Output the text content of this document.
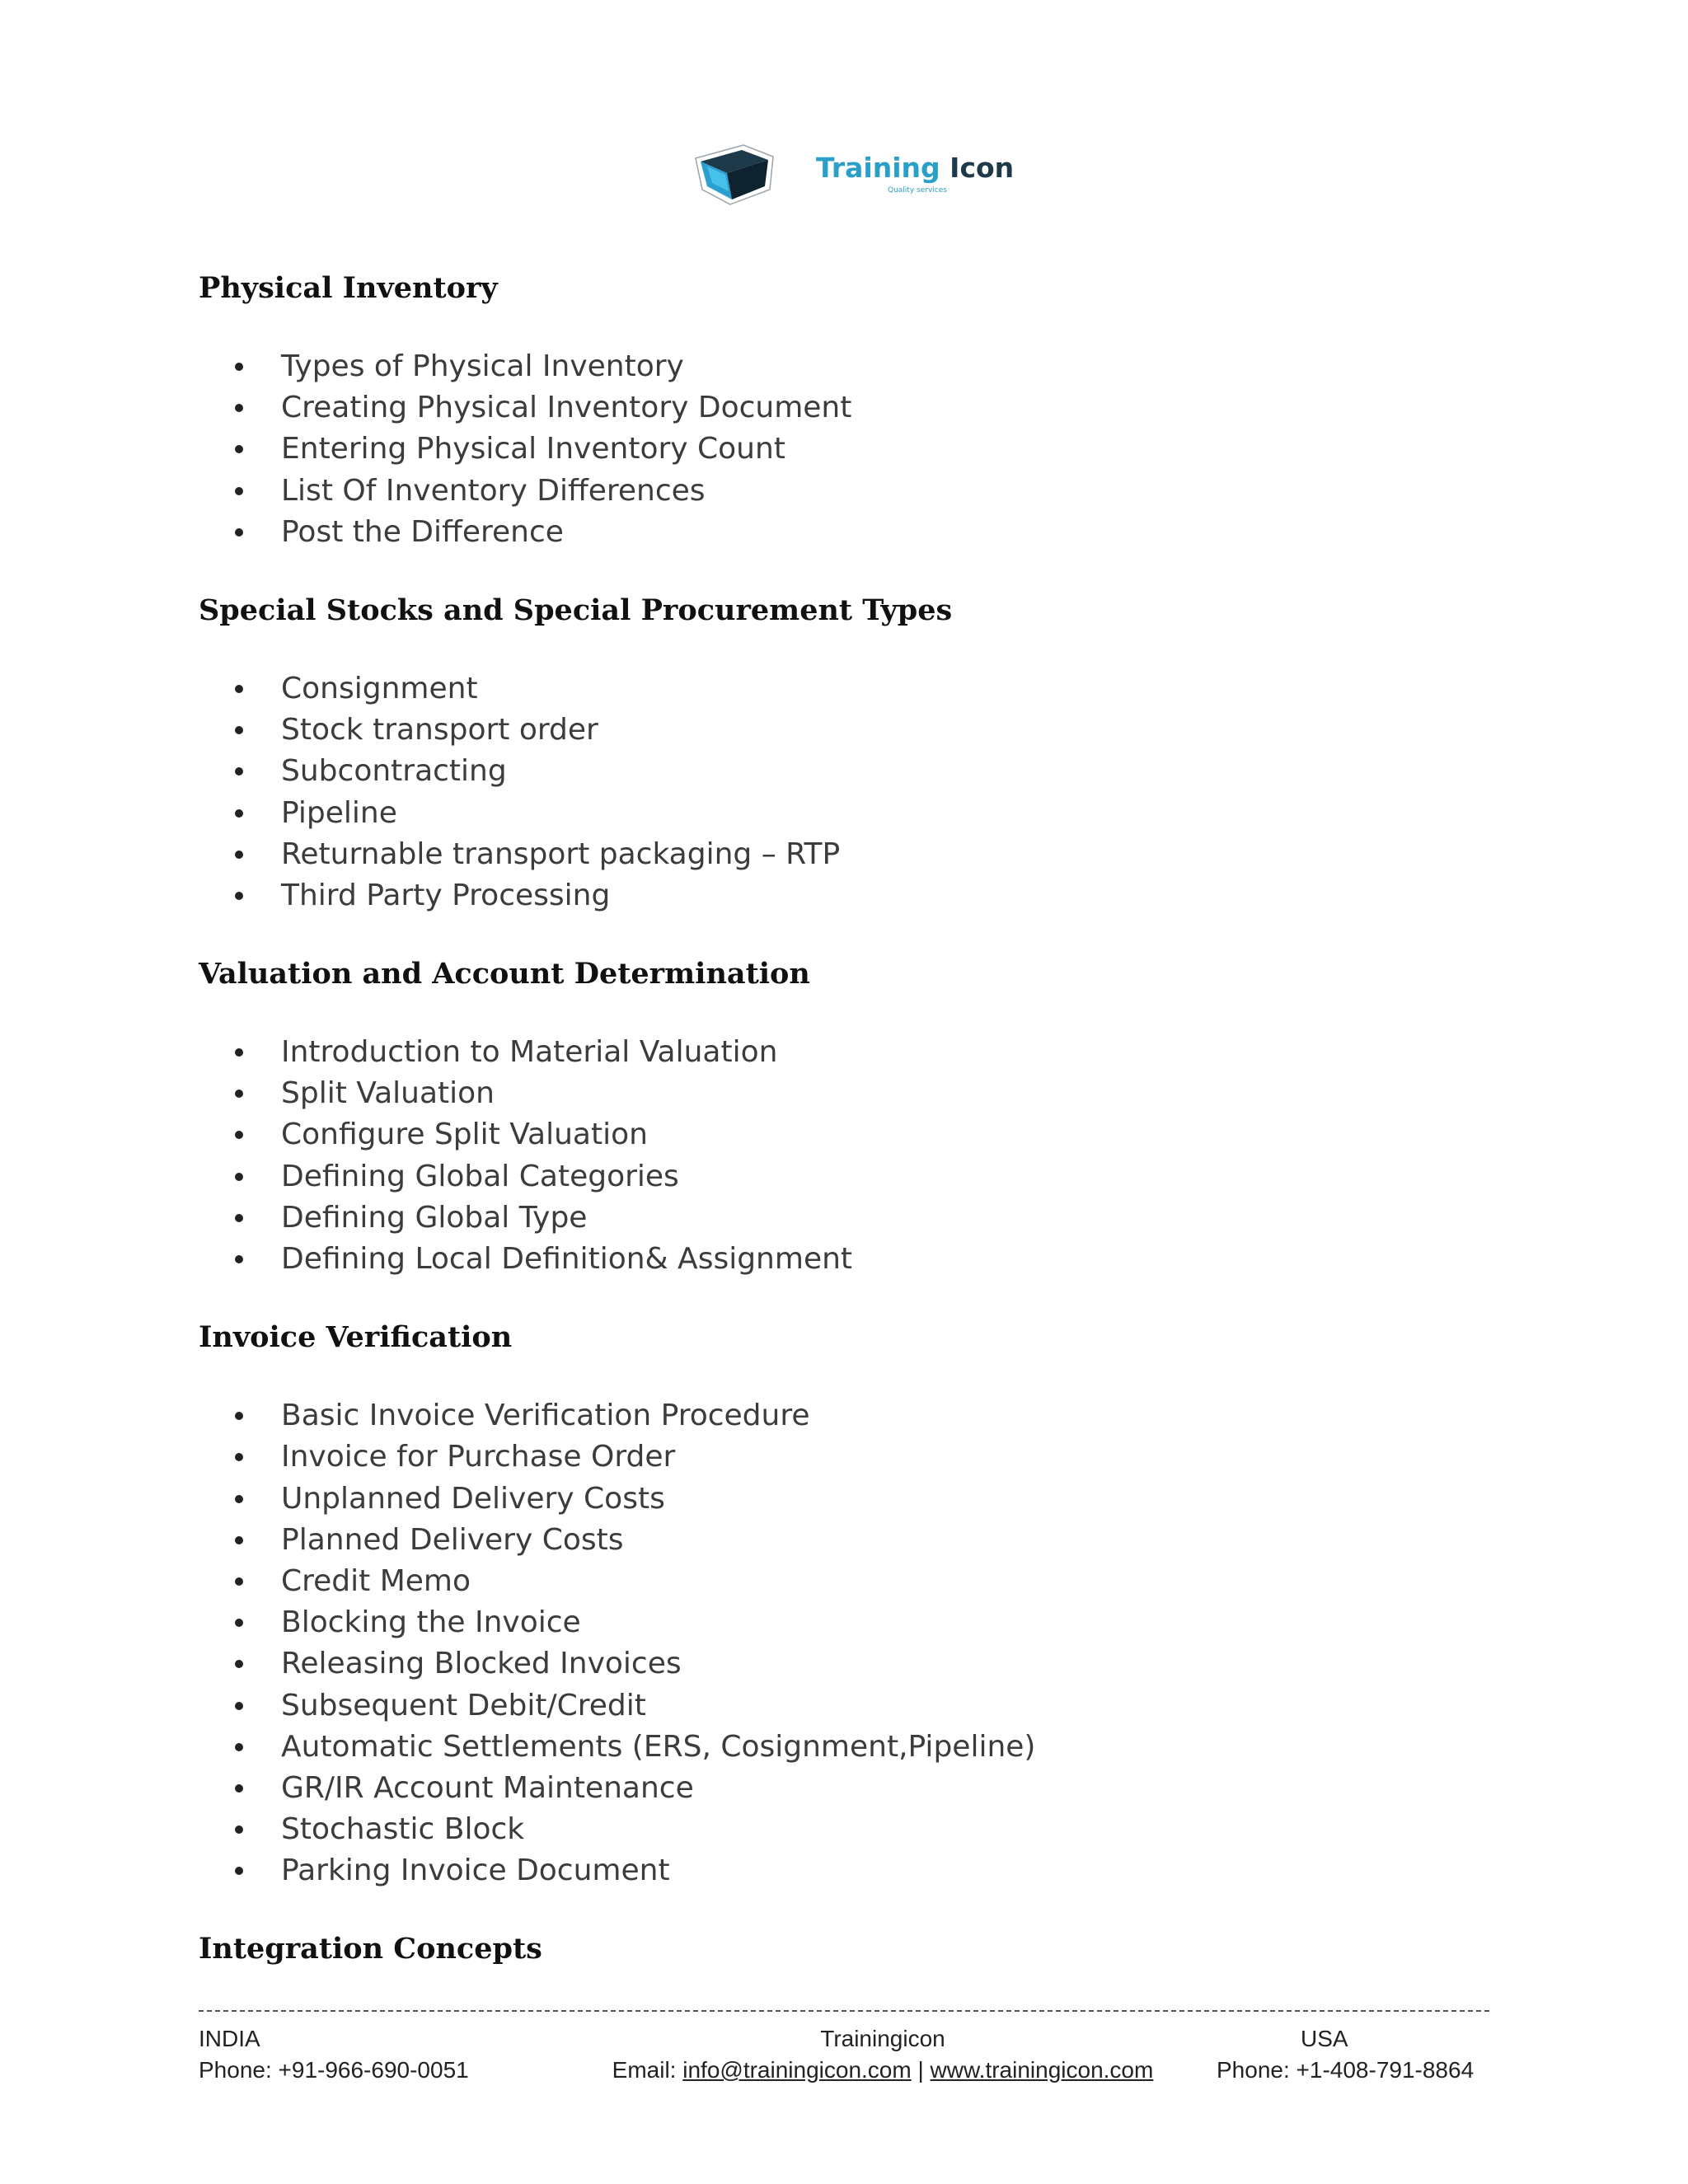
Training Icon
Quality services
Physical Inventory
Types of Physical Inventory
Creating Physical Inventory Document
Entering Physical Inventory Count
List Of Inventory Differences
Post the Difference
Special Stocks and Special Procurement Types
Consignment
Stock transport order
Subcontracting
Pipeline
Returnable transport packaging – RTP
Third Party Processing
Valuation and Account Determination
Introduction to Material Valuation
Split Valuation
Configure Split Valuation
Defining Global Categories
Defining Global Type
Defining Local Definition& Assignment
Invoice Verification
Basic Invoice Verification Procedure
Invoice for Purchase Order
Unplanned Delivery Costs
Planned Delivery Costs
Credit Memo
Blocking the Invoice
Releasing Blocked Invoices
Subsequent Debit/Credit
Automatic Settlements (ERS, Cosignment,Pipeline)
GR/IR Account Maintenance
Stochastic Block
Parking Invoice Document
Integration Concepts
INDIA
Phone: +91-966-690-0051
Trainingicon
Email: info@trainingicon.com | www.trainingicon.com
USA
Phone: +1-408-791-8864
